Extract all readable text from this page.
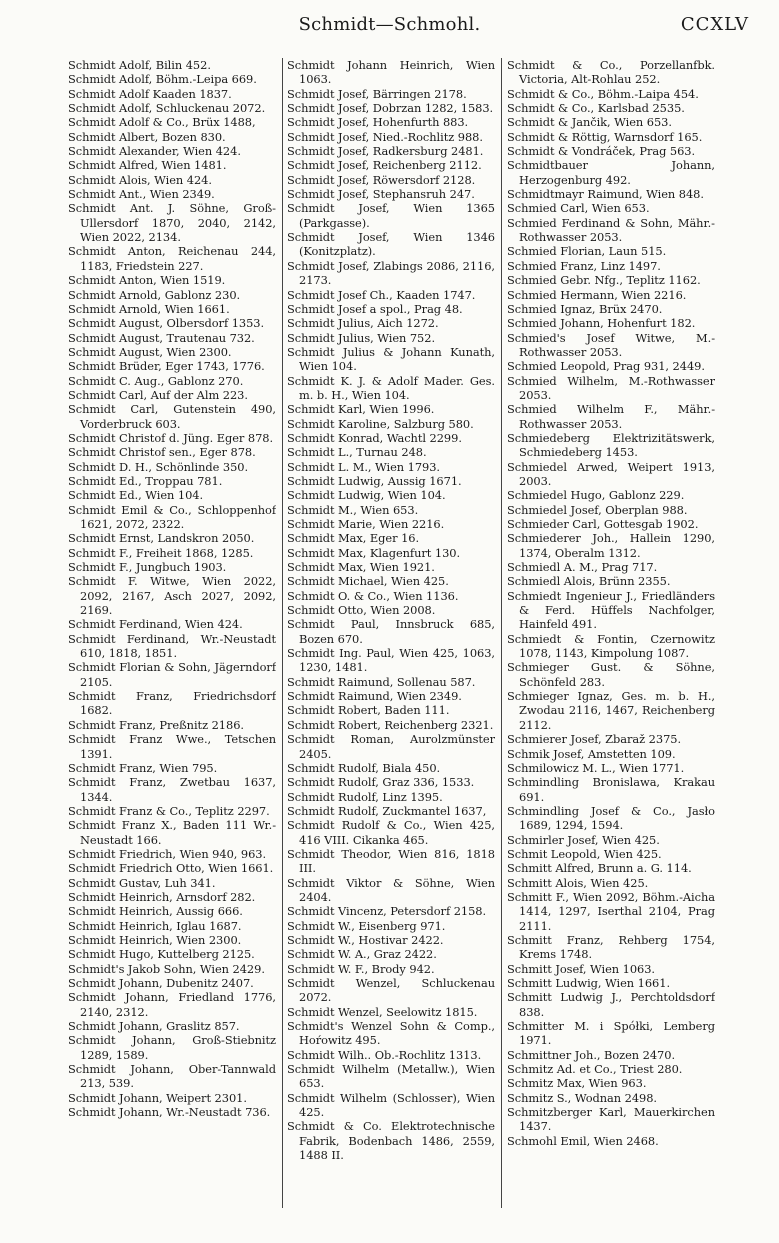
Schmidt—Schmohl.	CCXLV
Schmidt Adolf, Bilin 452.
Schmidt Adolf, Böhm.-Leipa 669.
Schmidt Adolf Kaaden 1837.
Schmidt Adolf, Schluckenau 2072.
Schmidt Adolf & Co., Brüx 1488,
Schmidt Albert, Bozen 830.
Schmidt Alexander, Wien 424.
Schmidt Alfred, Wien 1481.
Schmidt Alois, Wien 424.
Schmidt Ant., Wien 2349.
Schmidt Ant. J. Söhne, Groß-Ullersdorf 1870, 2040, 2142, Wien 2022, 2134.
Schmidt Anton, Reichenau 244, 1183, Friedstein 227.
Schmidt Anton, Wien 1519.
Schmidt Arnold, Gablonz 230.
Schmidt Arnold, Wien 1661.
Schmidt August, Olbersdorf 1353.
Schmidt August, Trautenau 732.
Schmidt August, Wien 2300.
Schmidt Brüder, Eger 1743, 1776.
Schmidt C. Aug., Gablonz 270.
Schmidt Carl, Auf der Alm 223.
Schmidt Carl, Gutenstein 490, Vorderbruck 603.
Schmidt Christof d. Jüng. Eger 878.
Schmidt Christof sen., Eger 878.
Schmidt D. H., Schönlinde 350.
Schmidt Ed., Troppau 781.
Schmidt Ed., Wien 104.
Schmidt Emil & Co., Schloppenhof 1621, 2072, 2322.
Schmidt Ernst, Landskron 2050.
Schmidt F., Freiheit 1868, 1285.
Schmidt F., Jungbuch 1903.
Schmidt F. Witwe, Wien 2022, 2092, 2167, Asch 2027, 2092, 2169.
Schmidt Ferdinand, Wien 424.
Schmidt Ferdinand, Wr.-Neustadt 610, 1818, 1851.
Schmidt Florian & Sohn, Jägerndorf 2105.
Schmidt Franz, Friedrichsdorf 1682.
Schmidt Franz, Preßnitz 2186.
Schmidt Franz Wwe., Tetschen 1391.
Schmidt Franz, Wien 795.
Schmidt Franz, Zwetbau 1637, 1344.
Schmidt Franz & Co., Teplitz 2297.
Schmidt Franz X., Baden 111 Wr.-Neustadt 166.
Schmidt Friedrich, Wien 940, 963.
Schmidt Friedrich Otto, Wien 1661.
Schmidt Gustav, Luh 341.
Schmidt Heinrich, Arnsdorf 282.
Schmidt Heinrich, Aussig 666.
Schmidt Heinrich, Iglau 1687.
Schmidt Heinrich, Wien 2300.
Schmidt Hugo, Kuttelberg 2125.
Schmidt's Jakob Sohn, Wien 2429.
Schmidt Johann, Dubenitz 2407.
Schmidt Johann, Friedland 1776, 2140, 2312.
Schmidt Johann, Graslitz 857.
Schmidt Johann, Groß-Stiebnitz 1289, 1589.
Schmidt Johann, Ober-Tannwald 213, 539.
Schmidt Johann, Weipert 2301.
Schmidt Johann, Wr.-Neustadt 736.
Schmidt Johann Heinrich, Wien 1063.
Schmidt Josef, Bärringen 2178.
Schmidt Josef, Dobrzan 1282, 1583.
Schmidt Josef, Hohenfurth 883.
Schmidt Josef, Nied.-Rochlitz 988.
Schmidt Josef, Radkersburg 2481.
Schmidt Josef, Reichenberg 2112.
Schmidt Josef, Röwersdorf 2128.
Schmidt Josef, Stephansruh 247.
Schmidt Josef, Wien 1365 (Parkgasse).
Schmidt Josef, Wien 1346 (Konitzplatz).
Schmidt Josef, Zlabings 2086, 2116, 2173.
Schmidt Josef Ch., Kaaden 1747.
Schmidt Josef a spol., Prag 48.
Schmidt Julius, Aich 1272.
Schmidt Julius, Wien 752.
Schmidt Julius & Johann Kunath, Wien 104.
Schmidt K. J. & Adolf Mader. Ges. m. b. H., Wien 104.
Schmidt Karl, Wien 1996.
Schmidt Karoline, Salzburg 580.
Schmidt Konrad, Wachtl 2299.
Schmidt L., Turnau 248.
Schmidt L. M., Wien 1793.
Schmidt Ludwig, Aussig 1671.
Schmidt Ludwig, Wien 104.
Schmidt M., Wien 653.
Schmidt Marie, Wien 2216.
Schmidt Max, Eger 16.
Schmidt Max, Klagenfurt 130.
Schmidt Max, Wien 1921.
Schmidt Michael, Wien 425.
Schmidt O. & Co., Wien 1136.
Schmidt Otto, Wien 2008.
Schmidt Paul, Innsbruck 685, Bozen 670.
Schmidt Ing. Paul, Wien 425, 1063, 1230, 1481.
Schmidt Raimund, Sollenau 587.
Schmidt Raimund, Wien 2349.
Schmidt Robert, Baden 111.
Schmidt Robert, Reichenberg 2321.
Schmidt Roman, Aurolzmünster 2405.
Schmidt Rudolf, Biala 450.
Schmidt Rudolf, Graz 336, 1533.
Schmidt Rudolf, Linz 1395.
Schmidt Rudolf, Zuckmantel 1637,
Schmidt Rudolf & Co., Wien 425, 416 VIII. Cikanka 465.
Schmidt Theodor, Wien 816, 1818 III.
Schmidt Viktor & Söhne, Wien 2404.
Schmidt Vincenz, Petersdorf 2158.
Schmidt W., Eisenberg 971.
Schmidt W., Hostivar 2422.
Schmidt W. A., Graz 2422.
Schmidt W. F., Brody 942.
Schmidt Wenzel, Schluckenau 2072.
Schmidt Wenzel, Seelowitz 1815.
Schmidt's Wenzel Sohn & Comp., Hoŕowitz 495.
Schmidt Wilh.. Ob.-Rochlitz 1313.
Schmidt Wilhelm (Metallw.), Wien 653.
Schmidt Wilhelm (Schlosser), Wien 425.
Schmidt & Co. Elektrotechnische Fabrik, Bodenbach 1486, 2559, 1488 II.
Schmidt & Co., Porzellanfbk. Victoria, Alt-Rohlau 252.
Schmidt & Co., Böhm.-Laipa 454.
Schmidt & Co., Karlsbad 2535.
Schmidt & Jančik, Wien 653.
Schmidt & Röttig, Warnsdorf 165.
Schmidt & Vondráček, Prag 563.
Schmidtbauer Johann, Herzogenburg 492.
Schmidtmayr Raimund, Wien 848.
Schmied Carl, Wien 653.
Schmied Ferdinand & Sohn, Mähr.-Rothwasser 2053.
Schmied Florian, Laun 515.
Schmied Franz, Linz 1497.
Schmied Gebr. Nfg., Teplitz 1162.
Schmied Hermann, Wien 2216.
Schmied Ignaz, Brüx 2470.
Schmied Johann, Hohenfurt 182.
Schmied's Josef Witwe, M.-Rothwasser 2053.
Schmied Leopold, Prag 931, 2449.
Schmied Wilhelm, M.-Rothwasser 2053.
Schmied Wilhelm F., Mähr.-Rothwasser 2053.
Schmiedeberg Elektrizitätswerk, Schmiedeberg 1453.
Schmiedel Arwed, Weipert 1913, 2003.
Schmiedel Hugo, Gablonz 229.
Schmiedel Josef, Oberplan 988.
Schmieder Carl, Gottesgab 1902.
Schmiederer Joh., Hallein 1290, 1374, Oberalm 1312.
Schmiedl A. M., Prag 717.
Schmiedl Alois, Brünn 2355.
Schmiedt Ingenieur J., Friedländers & Ferd. Hüffels Nachfolger, Hainfeld 491.
Schmiedt & Fontin, Czernowitz 1078, 1143, Kimpolung 1087.
Schmieger Gust. & Söhne, Schönfeld 283.
Schmieger Ignaz, Ges. m. b. H., Zwodau 2116, 1467, Reichenberg 2112.
Schmierer Josef, Zbaraž 2375.
Schmik Josef, Amstetten 109.
Schmilowicz M. L., Wien 1771.
Schmindling Bronislawa, Krakau 691.
Schmindling Josef & Co., Jasło 1689, 1294, 1594.
Schmirler Josef, Wien 425.
Schmit Leopold, Wien 425.
Schmitt Alfred, Brunn a. G. 114.
Schmitt Alois, Wien 425.
Schmitt F., Wien 2092, Böhm.-Aicha 1414, 1297, Iserthal 2104, Prag 2111.
Schmitt Franz, Rehberg 1754, Krems 1748.
Schmitt Josef, Wien 1063.
Schmitt Ludwig, Wien 1661.
Schmitt Ludwig J., Perchtoldsdorf 838.
Schmitter M. i Spółki, Lemberg 1971.
Schmittner Joh., Bozen 2470.
Schmitz Ad. et Co., Triest 280.
Schmitz Max, Wien 963.
Schmitz S., Wodnan 2498.
Schmitzberger Karl, Mauerkirchen 1437.
Schmohl Emil, Wien 2468.
